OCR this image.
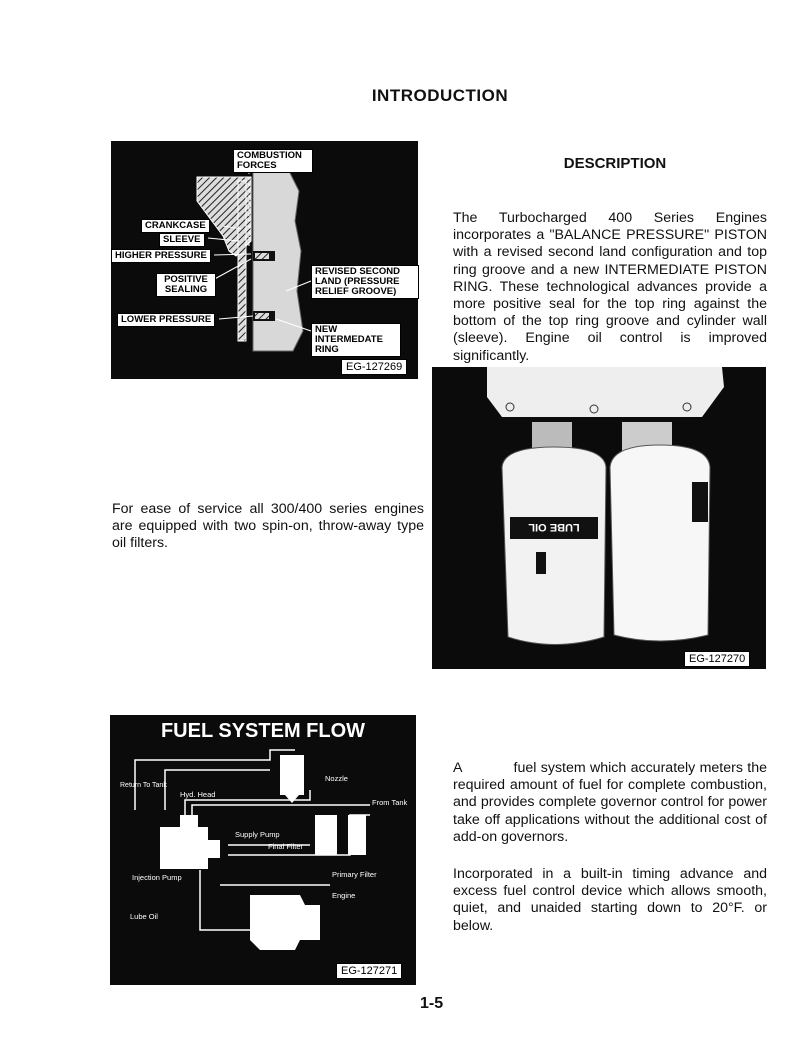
INTRODUCTION
COMBUSTION FORCES
CRANKCASE
SLEEVE
HIGHER PRESSURE
POSITIVE SEALING
LOWER PRESSURE
REVISED SECOND LAND (PRESSURE RELIEF GROOVE)
NEW INTERMEDATE RING
EG-127269
DESCRIPTION
The Turbocharged 400 Series Engines incorporates a "BALANCE PRESSURE" PISTON with a revised second land configuration and top ring groove and a new INTERMEDIATE PISTON RING. These technological advances provide a more positive seal for the top ring against the bottom of the top ring groove and cylinder wall (sleeve). Engine oil control is improved significantly.
LUBE OIL
EG-127270
For ease of service all 300/400 series engines are equipped with two spin-on, throw-away type oil filters.
FUEL SYSTEM FLOW
Return To Tank
Hyd. Head
Nozzle
From Tank
Supply Pump
Final Filter
Injection Pump	Primary Filter
Engine
Lube Oil
EG-127271
A            fuel system which accurately meters the required amount of fuel for complete combustion, and provides complete governor control for power take off applications without the additional cost of add-on governors.
Incorporated in a built-in timing advance and excess fuel control device which allows smooth, quiet, and unaided starting down to 20°F. or below.
1-5
